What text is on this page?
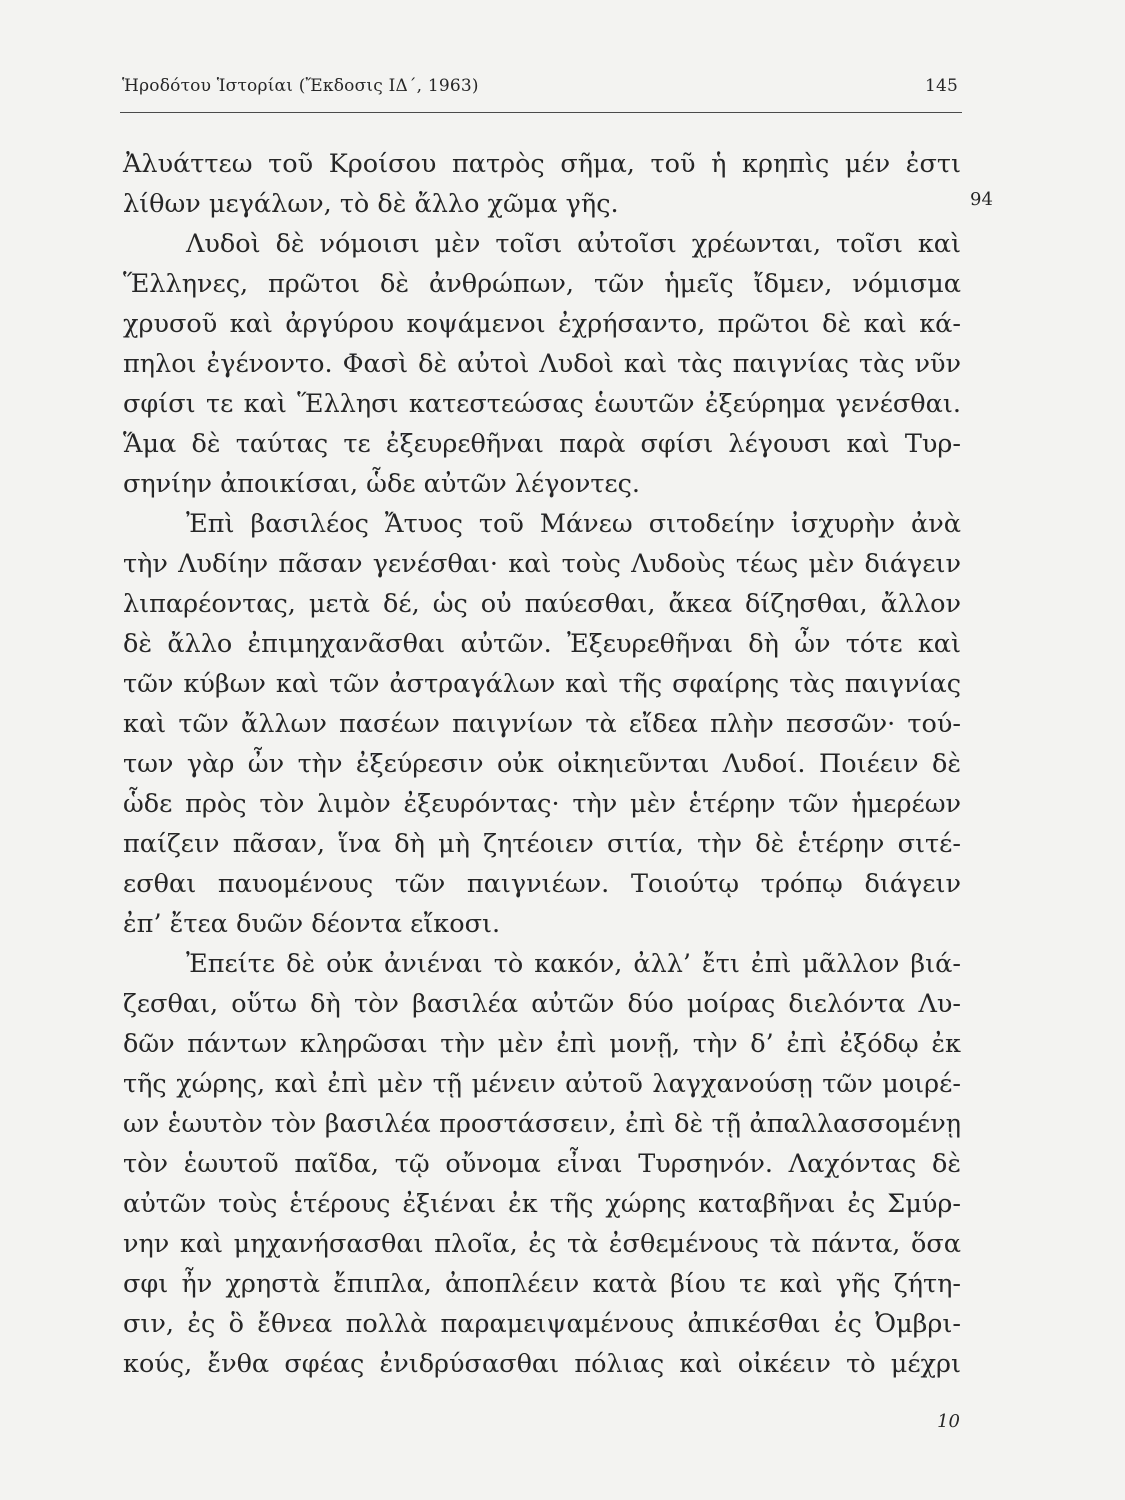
Ἡροδότου Ἱστορίαι (Ἔκδοσις ΙΔ΄, 1963)	145
94
Ἀλυάττεω τοῦ Κροίσου πατρὸς σῆμα, τοῦ ἡ κρηπὶς μέν ἐστι
λίθων μεγάλων, τὸ δὲ ἄλλο χῶμα γῆς.
Λυδοὶ δὲ νόμοισι μὲν τοῖσι αὐτοῖσι χρέωνται, τοῖσι καὶ
Ἕλληνες, πρῶτοι δὲ ἀνθρώπων, τῶν ἡμεῖς ἴδμεν, νόμισμα
χρυσοῦ καὶ ἀργύρου κοψάμενοι ἐχρήσαντο, πρῶτοι δὲ καὶ κά-
πηλοι ἐγένοντο. Φασὶ δὲ αὐτοὶ Λυδοὶ καὶ τὰς παιγνίας τὰς νῦν
σφίσι τε καὶ Ἕλλησι κατεστεώσας ἑωυτῶν ἐξεύρημα γενέσθαι.
Ἅμα δὲ ταύτας τε ἐξευρεθῆναι παρὰ σφίσι λέγουσι καὶ Τυρ-
σηνίην ἀποικίσαι, ὧδε αὐτῶν λέγοντες.
Ἐπὶ βασιλέος Ἄτυος τοῦ Μάνεω σιτοδείην ἰσχυρὴν ἀνὰ
τὴν Λυδίην πᾶσαν γενέσθαι· καὶ τοὺς Λυδοὺς τέως μὲν διάγειν
λιπαρέοντας, μετὰ δέ, ὡς οὐ παύεσθαι, ἄκεα δίζησθαι, ἄλλον
δὲ ἄλλο ἐπιμηχανᾶσθαι αὐτῶν. Ἐξευρεθῆναι δὴ ὦν τότε καὶ
τῶν κύβων καὶ τῶν ἀστραγάλων καὶ τῆς σφαίρης τὰς παιγνίας
καὶ τῶν ἄλλων πασέων παιγνίων τὰ εἴδεα πλὴν πεσσῶν· τού-
των γὰρ ὦν τὴν ἐξεύρεσιν οὐκ οἰκηιεῦνται Λυδοί. Ποιέειν δὲ
ὧδε πρὸς τὸν λιμὸν ἐξευρόντας· τὴν μὲν ἑτέρην τῶν ἡμερέων
παίζειν πᾶσαν, ἵνα δὴ μὴ ζητέοιεν σιτία, τὴν δὲ ἑτέρην σιτέ-
εσθαι παυομένους τῶν παιγνιέων. Τοιούτῳ τρόπῳ διάγειν
ἐπ’ ἔτεα δυῶν δέοντα εἴκοσι.
Ἐπείτε δὲ οὐκ ἀνιέναι τὸ κακόν, ἀλλ’ ἔτι ἐπὶ μᾶλλον βιά-
ζεσθαι, οὕτω δὴ τὸν βασιλέα αὐτῶν δύο μοίρας διελόντα Λυ-
δῶν πάντων κληρῶσαι τὴν μὲν ἐπὶ μονῇ, τὴν δ’ ἐπὶ ἐξόδῳ ἐκ
τῆς χώρης, καὶ ἐπὶ μὲν τῇ μένειν αὐτοῦ λαγχανούσῃ τῶν μοιρέ-
ων ἑωυτὸν τὸν βασιλέα προστάσσειν, ἐπὶ δὲ τῇ ἀπαλλασσομένῃ
τὸν ἑωυτοῦ παῖδα, τῷ οὔνομα εἶναι Τυρσηνόν. Λαχόντας δὲ
αὐτῶν τοὺς ἑτέρους ἐξιέναι ἐκ τῆς χώρης καταβῆναι ἐς Σμύρ-
νην καὶ μηχανήσασθαι πλοῖα, ἐς τὰ ἐσθεμένους τὰ πάντα, ὅσα
σφι ἦν χρηστὰ ἔπιπλα, ἀποπλέειν κατὰ βίου τε καὶ γῆς ζήτη-
σιν, ἐς ὃ ἔθνεα πολλὰ παραμειψαμένους ἀπικέσθαι ἐς Ὀμβρι-
κούς, ἔνθα σφέας ἐνιδρύσασθαι πόλιας καὶ οἰκέειν τὸ μέχρι
10
